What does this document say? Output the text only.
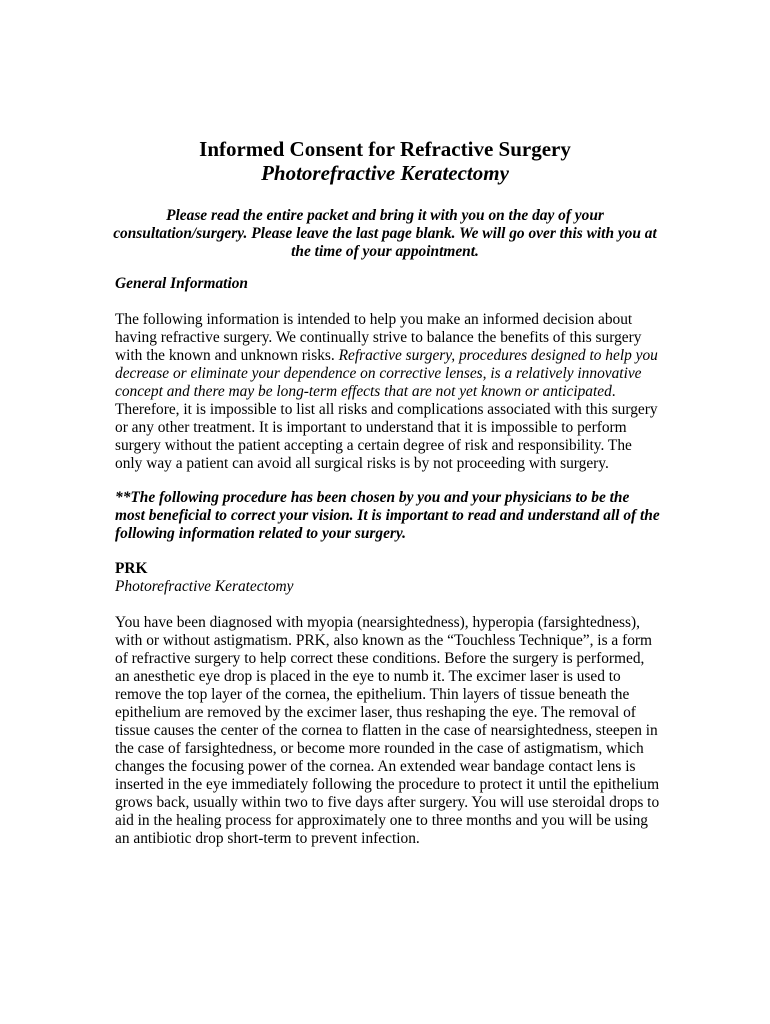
Informed Consent for Refractive Surgery
Photorefractive Keratectomy
Please read the entire packet and bring it with you on the day of your consultation/surgery. Please leave the last page blank. We will go over this with you at the time of your appointment.
General Information

The following information is intended to help you make an informed decision about having refractive surgery. We continually strive to balance the benefits of this surgery with the known and unknown risks. Refractive surgery, procedures designed to help you decrease or eliminate your dependence on corrective lenses, is a relatively innovative concept and there may be long-term effects that are not yet known or anticipated. Therefore, it is impossible to list all risks and complications associated with this surgery or any other treatment. It is important to understand that it is impossible to perform surgery without the patient accepting a certain degree of risk and responsibility. The only way a patient can avoid all surgical risks is by not proceeding with surgery.

**The following procedure has been chosen by you and your physicians to be the most beneficial to correct your vision. It is important to read and understand all of the following information related to your surgery.
PRK
Photorefractive Keratectomy

You have been diagnosed with myopia (nearsightedness), hyperopia (farsightedness), with or without astigmatism. PRK, also known as the “Touchless Technique”, is a form of refractive surgery to help correct these conditions. Before the surgery is performed, an anesthetic eye drop is placed in the eye to numb it. The excimer laser is used to remove the top layer of the cornea, the epithelium. Thin layers of tissue beneath the epithelium are removed by the excimer laser, thus reshaping the eye. The removal of tissue causes the center of the cornea to flatten in the case of nearsightedness, steepen in the case of farsightedness, or become more rounded in the case of astigmatism, which changes the focusing power of the cornea. An extended wear bandage contact lens is inserted in the eye immediately following the procedure to protect it until the epithelium grows back, usually within two to five days after surgery. You will use steroidal drops to aid in the healing process for approximately one to three months and you will be using an antibiotic drop short-term to prevent infection.
